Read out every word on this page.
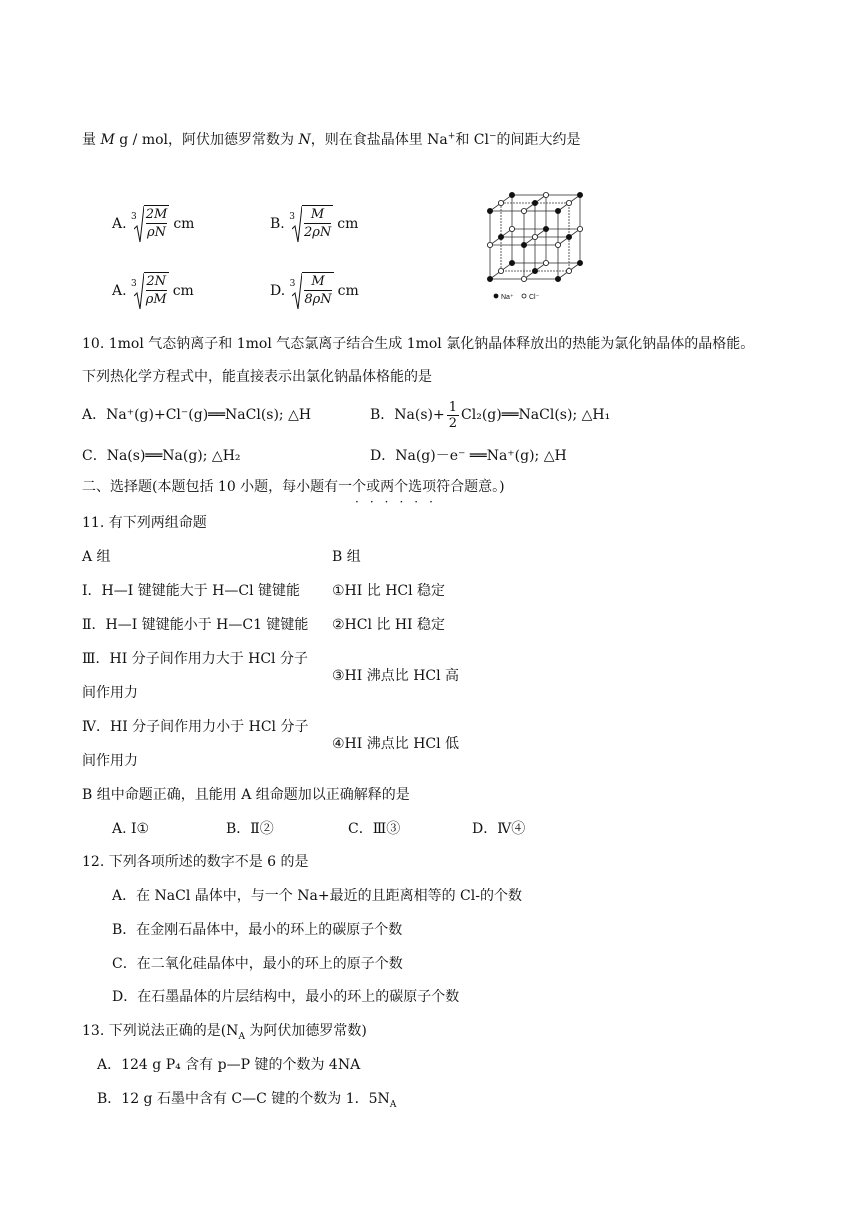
量 M g / mol，阿伏加德罗常数为 N，则在食盐晶体里 Na+和 Cl−的间距大约是
A. $3 \frac{2M}{\rho N}$ cm	B. $3 \frac{M}{2\rho N}$ cm
A. $3 \frac{2N}{\rho M}$ cm	D. $3 \frac{M}{8\rho N}$ cm	Na⁺ Cl⁻
10. 1mol 气态钠离子和 1mol 气态氯离子结合生成 1mol 氯化钠晶体释放出的热能为氯化钠晶体的晶格能。
下列热化学方程式中，能直接表示出氯化钠晶体格能的是
A．Na⁺(g)+Cl⁻(g)══NaCl(s); △H	B．$Na(s)+ \frac{1}{2}$ Cl₂(g)══NaCl(s); △H₁
C．Na(s)══Na(g); △H₂	D．Na(g)－e⁻ ══Na⁺(g); △H
二、选择题(本题包括 10 小题，每小题有一个或两个选项符合题意。)
······
11. 有下列两组命题
A 组	B 组
Ⅰ．H—I 键键能大于 H—Cl 键键能 ①HI 比 HCl 稳定
Ⅱ．H—I 键键能小于 H—C1 键键能 ②HCl 比 HI 稳定
Ⅲ．HI 分子间作用力大于 HCl 分子
间作用力
③HI 沸点比 HCl 高
Ⅳ．HI 分子间作用力小于 HCl 分子
间作用力
④HI 沸点比 HCl 低
B 组中命题正确，且能用 A 组命题加以正确解释的是
A. Ⅰ①	B．Ⅱ②	C．Ⅲ③	D．Ⅳ④
12. 下列各项所述的数字不是 6 的是
A．在 NaCl 晶体中，与一个 Na+最近的且距离相等的 Cl-的个数
B．在金刚石晶体中，最小的环上的碳原子个数
C．在二氧化硅晶体中，最小的环上的原子个数
D．在石墨晶体的片层结构中，最小的环上的碳原子个数
13. 下列说法正确的是($N_A$ 为阿伏加德罗常数)
A．124 g P₄ 含有 p—P 键的个数为 4NA
B．12 g 石墨中含有 C—C 键的个数为 1．$5N_A$
